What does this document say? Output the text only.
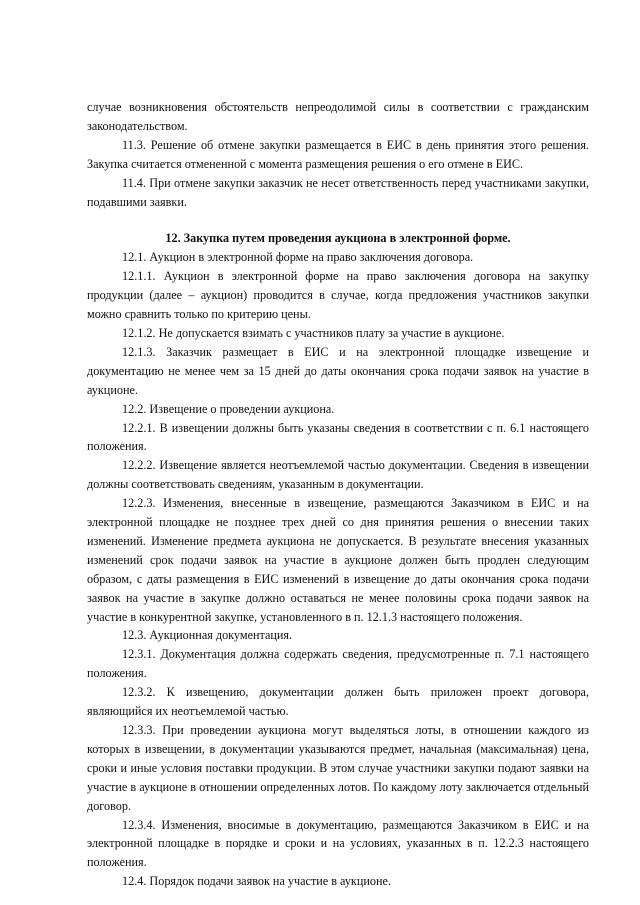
случае возникновения обстоятельств непреодолимой силы в соответствии с гражданским законодательством.

11.3. Решение об отмене закупки размещается в ЕИС в день принятия этого решения. Закупка считается отмененной с момента размещения решения о его отмене в ЕИС.

11.4. При отмене закупки заказчик не несет ответственность перед участниками закупки, подавшими заявки.

12. Закупка путем проведения аукциона в электронной форме.

12.1. Аукцион в электронной форме на право заключения договора.

12.1.1. Аукцион в электронной форме на право заключения договора на закупку продукции (далее – аукцион) проводится в случае, когда предложения участников закупки можно сравнить только по критерию цены.

12.1.2. Не допускается взимать с участников плату за участие в аукционе.

12.1.3. Заказчик размещает в ЕИС и на электронной площадке извещение и документацию не менее чем за 15 дней до даты окончания срока подачи заявок на участие в аукционе.

12.2. Извещение о проведении аукциона.

12.2.1. В извещении должны быть указаны сведения в соответствии с п. 6.1 настоящего положения.

12.2.2. Извещение является неотъемлемой частью документации. Сведения в извещении должны соответствовать сведениям, указанным в документации.

12.2.3. Изменения, внесенные в извещение, размещаются Заказчиком в ЕИС и на электронной площадке не позднее трех дней со дня принятия решения о внесении таких изменений. Изменение предмета аукциона не допускается. В результате внесения указанных изменений срок подачи заявок на участие в аукционе должен быть продлен следующим образом, с даты размещения в ЕИС изменений в извещение до даты окончания срока подачи заявок на участие в закупке должно оставаться не менее половины срока подачи заявок на участие в конкурентной закупке, установленного в п. 12.1.3 настоящего положения.

12.3. Аукционная документация.

12.3.1. Документация должна содержать сведения, предусмотренные п. 7.1 настоящего положения.

12.3.2. К извещению, документации должен быть приложен проект договора, являющийся их неотъемлемой частью.

12.3.3. При проведении аукциона могут выделяться лоты, в отношении каждого из которых в извещении, в документации указываются предмет, начальная (максимальная) цена, сроки и иные условия поставки продукции. В этом случае участники закупки подают заявки на участие в аукционе в отношении определенных лотов. По каждому лоту заключается отдельный договор.

12.3.4. Изменения, вносимые в документацию, размещаются Заказчиком в ЕИС и на электронной площадке в порядке и сроки и на условиях, указанных в п. 12.2.3 настоящего положения.

12.4. Порядок подачи заявок на участие в аукционе.
